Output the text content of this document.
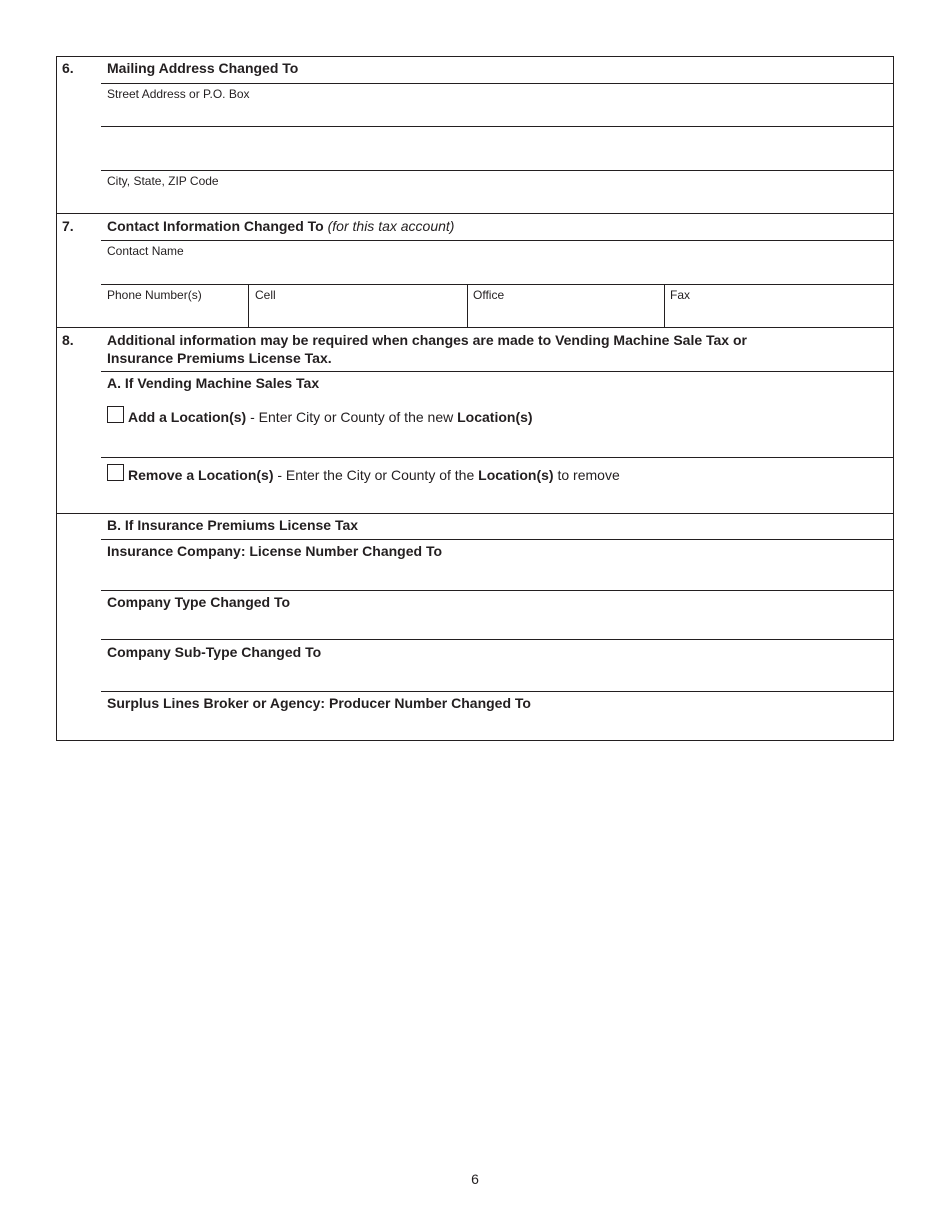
6. Mailing Address Changed To
Street Address or P.O. Box
City, State, ZIP Code
7. Contact Information Changed To (for this tax account)
Contact Name
Phone Number(s)	Cell	Office	Fax
8. Additional information may be required when changes are made to Vending Machine Sale Tax or
Insurance Premiums License Tax.
A. If Vending Machine Sales Tax
Add a Location(s) - Enter City or County of the new Location(s)
Remove a Location(s) - Enter the City or County of the Location(s) to remove
B. If Insurance Premiums License Tax
Insurance Company: License Number Changed To
Company Type Changed To
Company Sub-Type Changed To
Surplus Lines Broker or Agency: Producer Number Changed To
6
